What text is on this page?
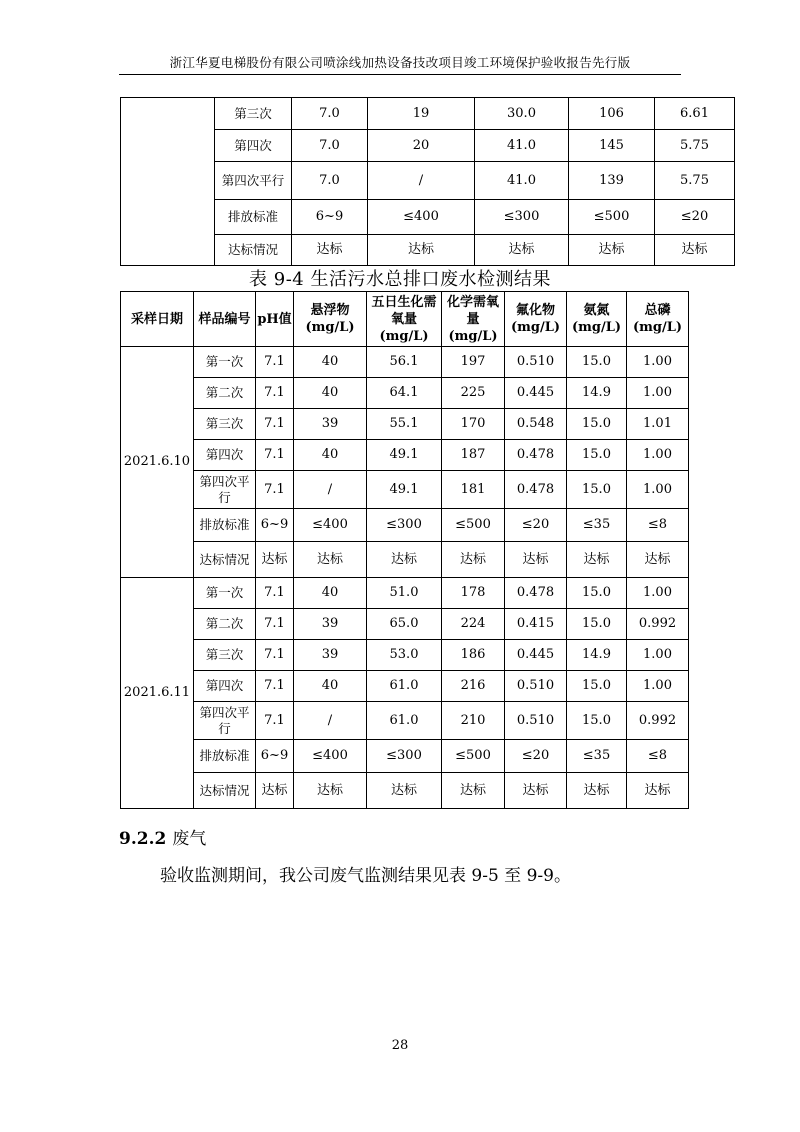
浙江华夏电梯股份有限公司喷涂线加热设备技改项目竣工环境保护验收报告先行版
	第三次	7.0	19	30.0	106	6.61
	第四次	7.0	20	41.0	145	5.75
	第四次平行	7.0	/	41.0	139	5.75
	排放标准	6~9	≤400	≤300	≤500	≤20
	达标情况	达标	达标	达标	达标	达标
表 9-4 生活污水总排口废水检测结果
采样日期	样品编号	pH值	悬浮物(mg/L)	五日生化需氧量(mg/L)	化学需氧量(mg/L)	氟化物(mg/L)	氨氮(mg/L)	总磷(mg/L)
2021.6.10	第一次	7.1	40	56.1	197	0.510	15.0	1.00
	第二次	7.1	40	64.1	225	0.445	14.9	1.00
	第三次	7.1	39	55.1	170	0.548	15.0	1.01
	第四次	7.1	40	49.1	187	0.478	15.0	1.00
	第四次平行	7.1	/	49.1	181	0.478	15.0	1.00
	排放标准	6~9	≤400	≤300	≤500	≤20	≤35	≤8
	达标情况	达标	达标	达标	达标	达标	达标	达标
2021.6.11	第一次	7.1	40	51.0	178	0.478	15.0	1.00
	第二次	7.1	39	65.0	224	0.415	15.0	0.992
	第三次	7.1	39	53.0	186	0.445	14.9	1.00
	第四次	7.1	40	61.0	216	0.510	15.0	1.00
	第四次平行	7.1	/	61.0	210	0.510	15.0	0.992
	排放标准	6~9	≤400	≤300	≤500	≤20	≤35	≤8
	达标情况	达标	达标	达标	达标	达标	达标	达标
9.2.2 废气
验收监测期间，我公司废气监测结果见表 9-5 至 9-9。
28
